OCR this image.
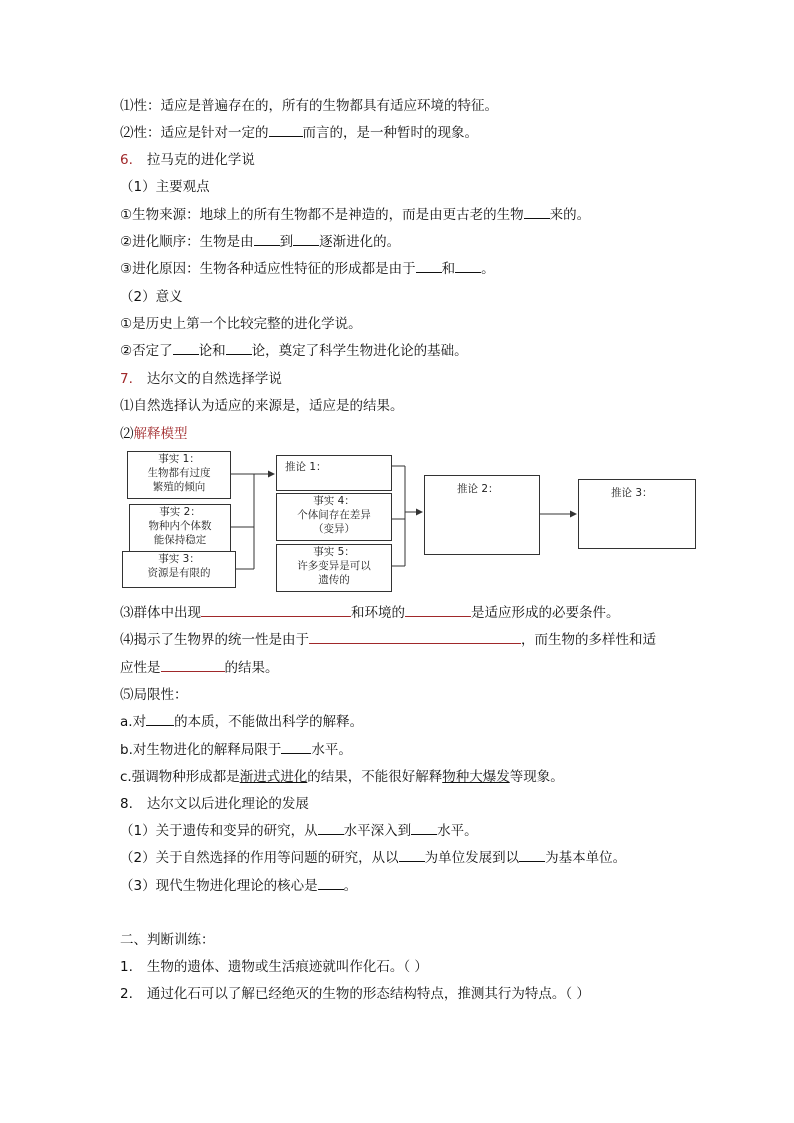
⑴性：适应是普遍存在的，所有的生物都具有适应环境的特征。
⑵性：适应是针对一定的	而言的，是一种暂时的现象。
6. 拉马克的进化学说
（1）主要观点
①生物来源：地球上的所有生物都不是神造的，而是由更古老的生物 来的。
②进化顺序：生物是由 到 逐渐进化的。
③进化原因：生物各种适应性特征的形成都是由于 和 。
（2）意义
①是历史上第一个比较完整的进化学说。
②否定了 论和 论，奠定了科学生物进化论的基础。
7. 达尔文的自然选择学说
⑴自然选择认为适应的来源是，适应是的结果。
⑵解释模型
事实 1：
生物都有过度
繁殖的倾向
事实 2：
物种内个体数
能保持稳定
事实 3：
资源是有限的
推论 1：
事实 4：
个体间存在差异
（变异）
事实 5：
许多变异是可以
遗传的
推论 2：	推论 3：
⑶群体中出现	和环境的	是适应形成的必要条件。
⑷揭示了生物界的统一性是由于	，而生物的多样性和适
应性是	的结果。
⑸局限性：
a.对 的本质，不能做出科学的解释。
b.对生物进化的解释局限于 水平。
c.强调物种形成都是渐进式进化的结果，不能很好解释物种大爆发等现象。
8. 达尔文以后进化理论的发展
（1）关于遗传和变异的研究，从 水平深入到 水平。
（2）关于自然选择的作用等问题的研究，从以 为单位发展到以 为基本单位。
（3）现代生物进化理论的核心是 。
二、判断训练：
1. 生物的遗体、遗物或生活痕迹就叫作化石。（ ）
2. 通过化石可以了解已经绝灭的生物的形态结构特点，推测其行为特点。（ ）
